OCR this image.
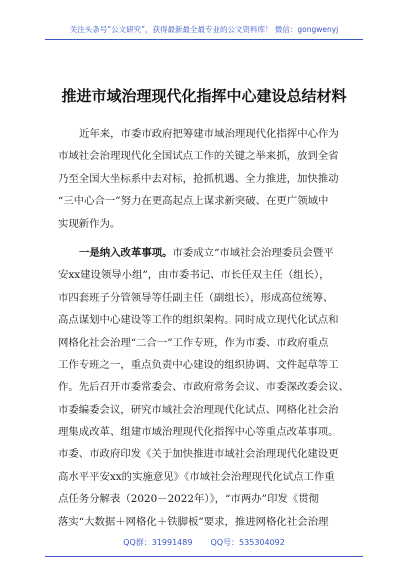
关注头条号“公文研究”，获得最新最全最专业的公文资料库！ 微信：gongwenyj
推进市域治理现代化指挥中心建设总结材料
近年来，市委市政府把筹建市域治理现代化指挥中心作为
市域社会治理现代化全国试点工作的关键之举来抓，放到全省
乃至全国大坐标系中去对标，抢抓机遇、全力推进，加快推动
“三中心合一”努力在更高起点上谋求新突破、在更广领域中
实现新作为。
一是纳入改革事项。市委成立“市域社会治理委员会暨平
安xx建设领导小组”，由市委书记、市长任双主任（组长），
市四套班子分管领导等任副主任（副组长），形成高位统筹、
高点谋划中心建设等工作的组织架构。同时成立现代化试点和
网格化社会治理“二合一”工作专班，作为市委、市政府重点
工作专班之一，重点负责中心建设的组织协调、文件起草等工
作。先后召开市委常委会、市政府常务会议、市委深改委会议、
市委编委会议，研究市域社会治理现代化试点、网格化社会治
理集成改革、组建市域治理现代化指挥中心等重点改革事项。
市委、市政府印发《关于加快推进市域社会治理现代化建设更
高水平平安xx的实施意见》《市域社会治理现代化试点工作重
点任务分解表（2020－2022年）》，“市两办”印发《贯彻
落实“大数据＋网格化＋铁脚板”要求，推进网格化社会治理
QQ群：31991489 QQ号：535304092
